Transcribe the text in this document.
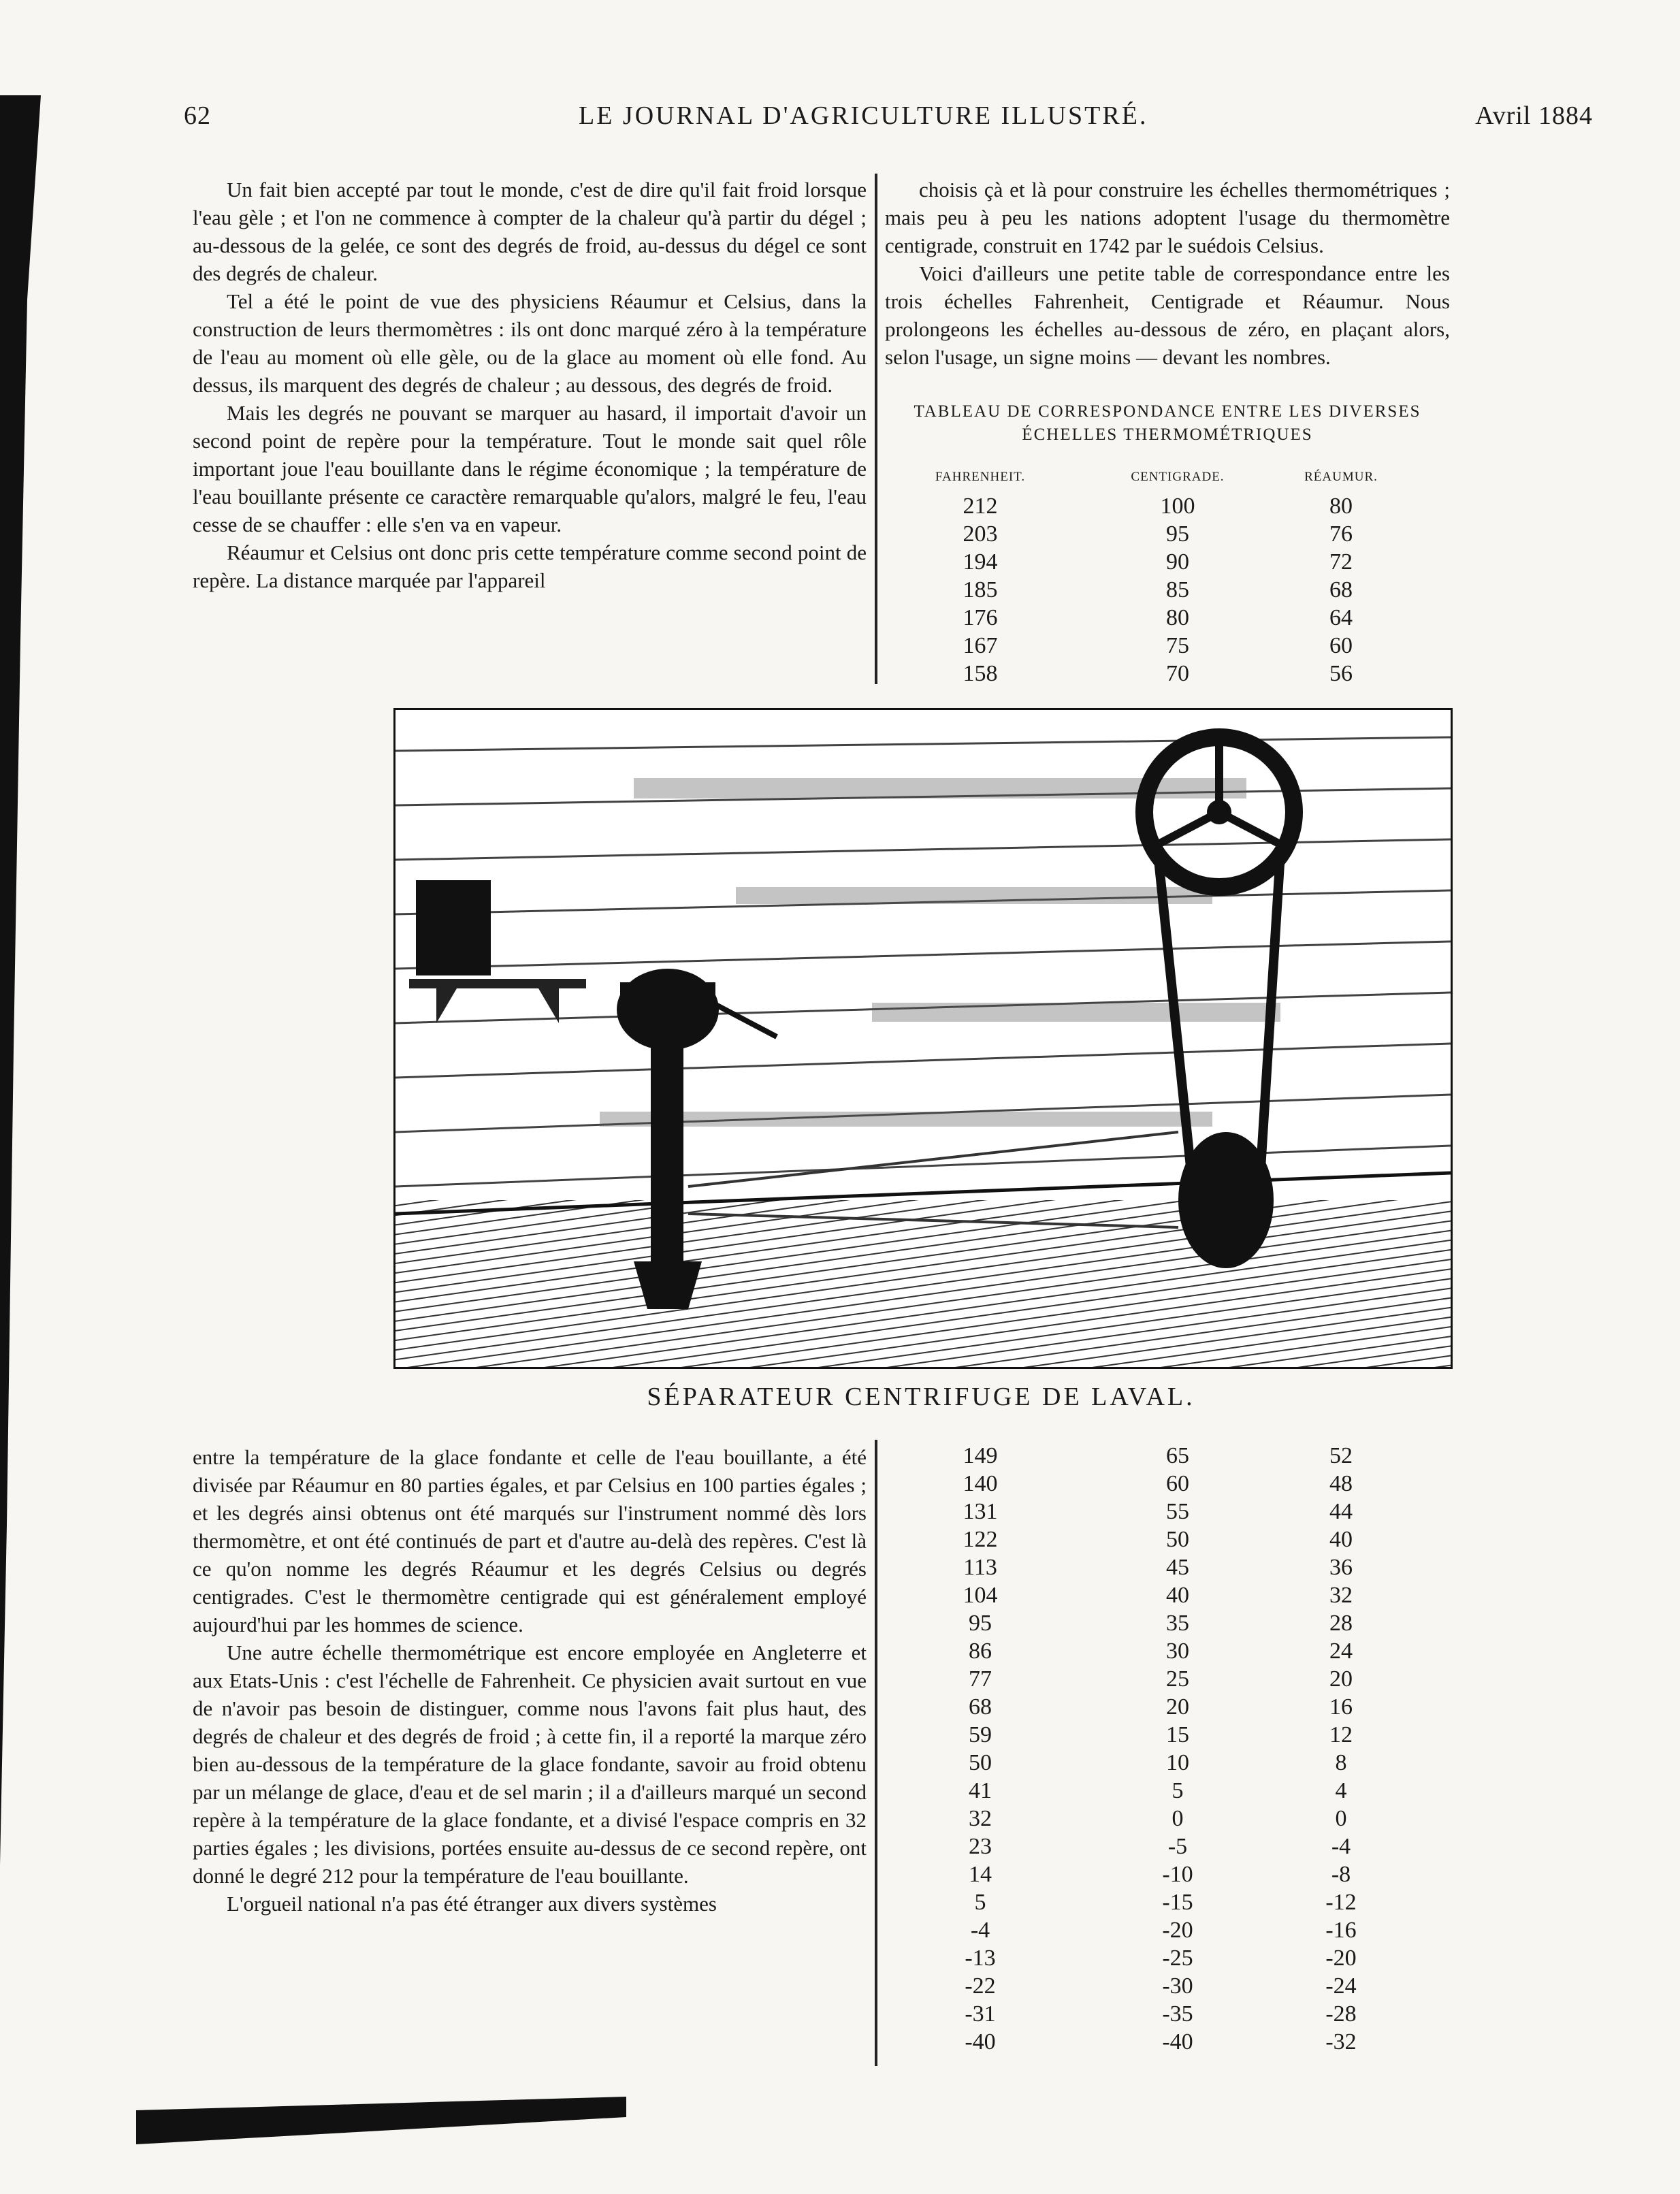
62	LE JOURNAL D'AGRICULTURE ILLUSTRÉ.	Avril 1884

Un fait bien accepté par tout le monde, c'est de dire qu'il fait froid lorsque l'eau gèle ; et l'on ne commence à compter de la chaleur qu'à partir du dégel ; au-dessous de la gelée, ce sont des degrés de froid, au-dessus du dégel ce sont des degrés de chaleur.

Tel a été le point de vue des physiciens Réaumur et Celsius, dans la construction de leurs thermomètres : ils ont donc marqué zéro à la température de l'eau au moment où elle gèle, ou de la glace au moment où elle fond. Au dessus, ils marquent des degrés de chaleur ; au dessous, des degrés de froid.

Mais les degrés ne pouvant se marquer au hasard, il importait d'avoir un second point de repère pour la température. Tout le monde sait quel rôle important joue l'eau bouillante dans le régime économique ; la température de l'eau bouillante présente ce caractère remarquable qu'alors, malgré le feu, l'eau cesse de se chauffer : elle s'en va en vapeur.

Réaumur et Celsius ont donc pris cette température comme second point de repère. La distance marquée par l'appareil

choisis çà et là pour construire les échelles thermométriques ; mais peu à peu les nations adoptent l'usage du thermomètre centigrade, construit en 1742 par le suédois Celsius.

Voici d'ailleurs une petite table de correspondance entre les trois échelles Fahrenheit, Centigrade et Réaumur. Nous prolongeons les échelles au-dessous de zéro, en plaçant alors, selon l'usage, un signe moins — devant les nombres.

TABLEAU DE CORRESPONDANCE ENTRE LES DIVERSES
ÉCHELLES THERMOMÉTRIQUES
FAHRENHEIT.	CENTIGRADE.	RÉAUMUR.
212	100	80
203	95	76
194	90	72
185	85	68
176	80	64
167	75	60
158	70	56
SÉPARATEUR CENTRIFUGE DE LAVAL.

entre la température de la glace fondante et celle de l'eau bouillante, a été divisée par Réaumur en 80 parties égales, et par Celsius en 100 parties égales ; et les degrés ainsi obtenus ont été marqués sur l'instrument nommé dès lors thermomètre, et ont été continués de part et d'autre au-delà des repères. C'est là ce qu'on nomme les degrés Réaumur et les degrés Celsius ou degrés centigrades. C'est le thermomètre centigrade qui est généralement employé aujourd'hui par les hommes de science.

Une autre échelle thermométrique est encore employée en Angleterre et aux Etats-Unis : c'est l'échelle de Fahrenheit. Ce physicien avait surtout en vue de n'avoir pas besoin de distinguer, comme nous l'avons fait plus haut, des degrés de chaleur et des degrés de froid ; à cette fin, il a reporté la marque zéro bien au-dessous de la température de la glace fondante, savoir au froid obtenu par un mélange de glace, d'eau et de sel marin ; il a d'ailleurs marqué un second repère à la température de la glace fondante, et a divisé l'espace compris en 32 parties égales ; les divisions, portées ensuite au-dessus de ce second repère, ont donné le degré 212 pour la température de l'eau bouillante.

L'orgueil national n'a pas été étranger aux divers systèmes

149	65	52
140	60	48
131	55	44
122	50	40
113	45	36
104	40	32
95	35	28
86	30	24
77	25	20
68	20	16
59	15	12
50	10	8
41	5	4
32	0	0
23	-5	-4
14	-10	-8
5	-15	-12
-4	-20	-16
-13	-25	-20
-22	-30	-24
-31	-35	-28
-40	-40	-32
